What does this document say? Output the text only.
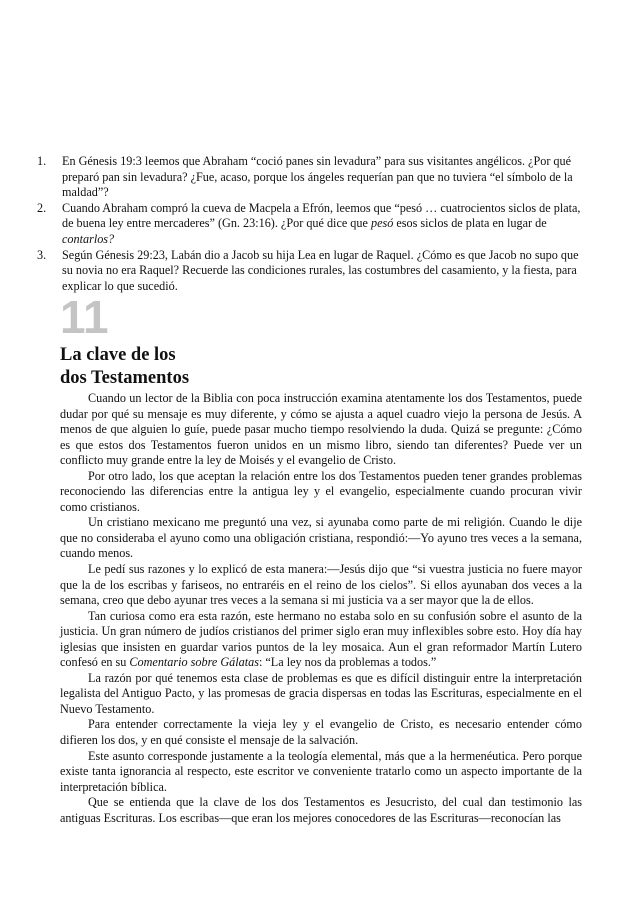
1. En Génesis 19:3 leemos que Abraham “coció panes sin levadura” para sus visitantes angélicos. ¿Por qué preparó pan sin levadura? ¿Fue, acaso, porque los ángeles requerían pan que no tuviera “el símbolo de la maldad”?

2. Cuando Abraham compró la cueva de Macpela a Efrón, leemos que “pesó … cuatrocientos siclos de plata, de buena ley entre mercaderes” (Gn. 23:16). ¿Por qué dice que pesó esos siclos de plata en lugar de contarlos?

3. Según Génesis 29:23, Labán dio a Jacob su hija Lea en lugar de Raquel. ¿Cómo es que Jacob no supo que su novia no era Raquel? Recuerde las condiciones rurales, las costumbres del casamiento, y la fiesta, para explicar lo que sucedió.

11
La clave de los
dos Testamentos

Cuando un lector de la Biblia con poca instrucción examina atentamente los dos Testamentos, puede dudar por qué su mensaje es muy diferente, y cómo se ajusta a aquel cuadro viejo la persona de Jesús. A menos de que alguien lo guíe, puede pasar mucho tiempo resolviendo la duda. Quizá se pregunte: ¿Cómo es que estos dos Testamentos fueron unidos en un mismo libro, siendo tan diferentes? Puede ver un conflicto muy grande entre la ley de Moisés y el evangelio de Cristo.

Por otro lado, los que aceptan la relación entre los dos Testamentos pueden tener grandes problemas reconociendo las diferencias entre la antigua ley y el evangelio, especialmente cuando procuran vivir como cristianos.

Un cristiano mexicano me preguntó una vez, si ayunaba como parte de mi religión. Cuando le dije que no consideraba el ayuno como una obligación cristiana, respondió:—Yo ayuno tres veces a la semana, cuando menos.

Le pedí sus razones y lo explicó de esta manera:—Jesús dijo que “si vuestra justicia no fuere mayor que la de los escribas y fariseos, no entraréis en el reino de los cielos”. Si ellos ayunaban dos veces a la semana, creo que debo ayunar tres veces a la semana si mi justicia va a ser mayor que la de ellos.

Tan curiosa como era esta razón, este hermano no estaba solo en su confusión sobre el asunto de la justicia. Un gran número de judíos cristianos del primer siglo eran muy inflexibles sobre esto. Hoy día hay iglesias que insisten en guardar varios puntos de la ley mosaica. Aun el gran reformador Martín Lutero confesó en su Comentario sobre Gálatas: “La ley nos da problemas a todos.”

La razón por qué tenemos esta clase de problemas es que es difícil distinguir entre la interpretación legalista del Antiguo Pacto, y las promesas de gracia dispersas en todas las Escrituras, especialmente en el Nuevo Testamento.

Para entender correctamente la vieja ley y el evangelio de Cristo, es necesario entender cómo difieren los dos, y en qué consiste el mensaje de la salvación.

Este asunto corresponde justamente a la teología elemental, más que a la hermenéutica. Pero porque existe tanta ignorancia al respecto, este escritor ve conveniente tratarlo como un aspecto importante de la interpretación bíblica.

Que se entienda que la clave de los dos Testamentos es Jesucristo, del cual dan testimonio las antiguas Escrituras. Los escribas—que eran los mejores conocedores de las Escrituras—reconocían las
